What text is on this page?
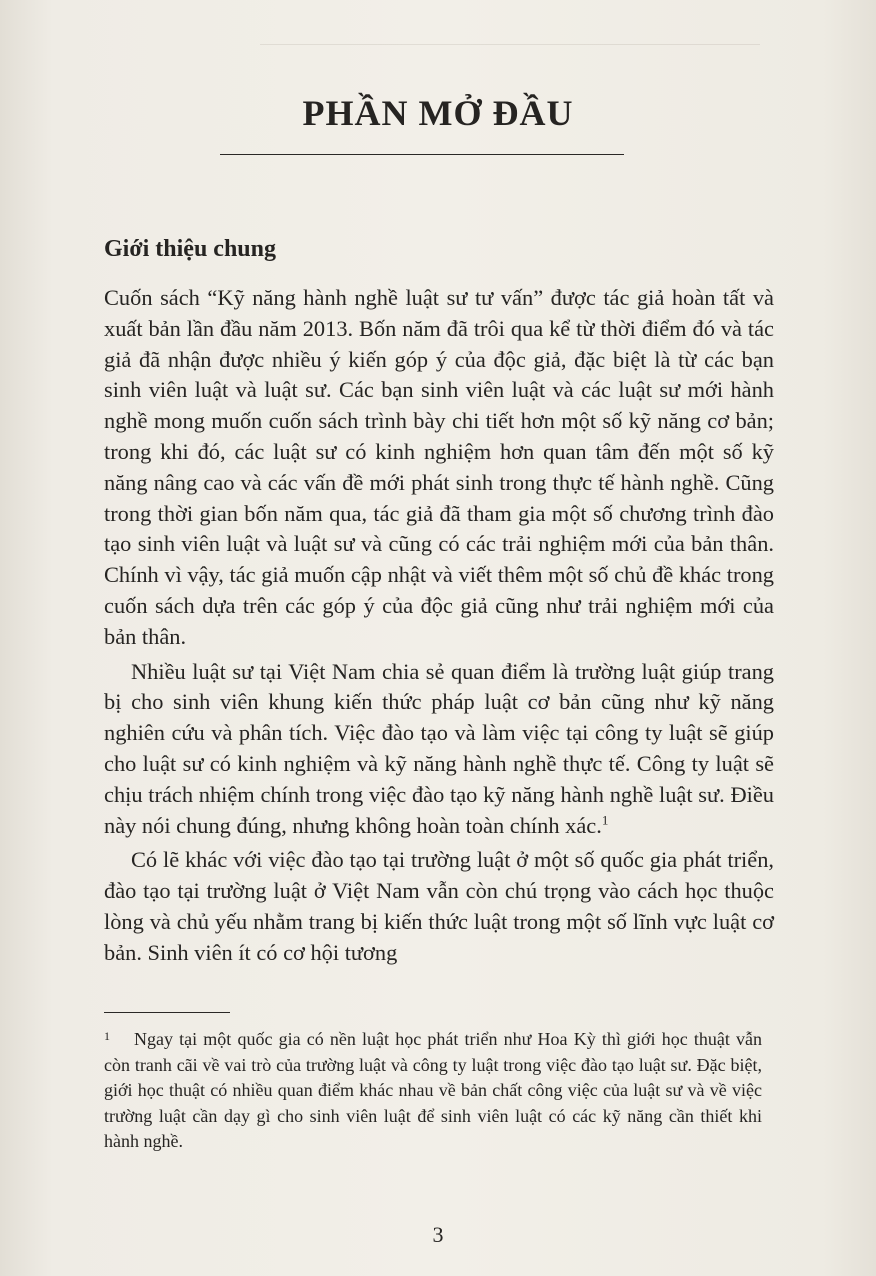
PHẦN MỞ ĐẦU
Giới thiệu chung

Cuốn sách “Kỹ năng hành nghề luật sư tư vấn” được tác giả hoàn tất và xuất bản lần đầu năm 2013. Bốn năm đã trôi qua kể từ thời điểm đó và tác giả đã nhận được nhiều ý kiến góp ý của độc giả, đặc biệt là từ các bạn sinh viên luật và luật sư. Các bạn sinh viên luật và các luật sư mới hành nghề mong muốn cuốn sách trình bày chi tiết hơn một số kỹ năng cơ bản; trong khi đó, các luật sư có kinh nghiệm hơn quan tâm đến một số kỹ năng nâng cao và các vấn đề mới phát sinh trong thực tế hành nghề. Cũng trong thời gian bốn năm qua, tác giả đã tham gia một số chương trình đào tạo sinh viên luật và luật sư và cũng có các trải nghiệm mới của bản thân. Chính vì vậy, tác giả muốn cập nhật và viết thêm một số chủ đề khác trong cuốn sách dựa trên các góp ý của độc giả cũng như trải nghiệm mới của bản thân.

Nhiều luật sư tại Việt Nam chia sẻ quan điểm là trường luật giúp trang bị cho sinh viên khung kiến thức pháp luật cơ bản cũng như kỹ năng nghiên cứu và phân tích. Việc đào tạo và làm việc tại công ty luật sẽ giúp cho luật sư có kinh nghiệm và kỹ năng hành nghề thực tế. Công ty luật sẽ chịu trách nhiệm chính trong việc đào tạo kỹ năng hành nghề luật sư. Điều này nói chung đúng, nhưng không hoàn toàn chính xác.$^1$

Có lẽ khác với việc đào tạo tại trường luật ở một số quốc gia phát triển, đào tạo tại trường luật ở Việt Nam vẫn còn chú trọng vào cách học thuộc lòng và chủ yếu nhằm trang bị kiến thức luật trong một số lĩnh vực luật cơ bản. Sinh viên ít có cơ hội tương

1 Ngay tại một quốc gia có nền luật học phát triển như Hoa Kỳ thì giới học thuật vẫn còn tranh cãi về vai trò của trường luật và công ty luật trong việc đào tạo luật sư. Đặc biệt, giới học thuật có nhiều quan điểm khác nhau về bản chất công việc của luật sư và về việc trường luật cần dạy gì cho sinh viên luật để sinh viên luật có các kỹ năng cần thiết khi hành nghề.

3
